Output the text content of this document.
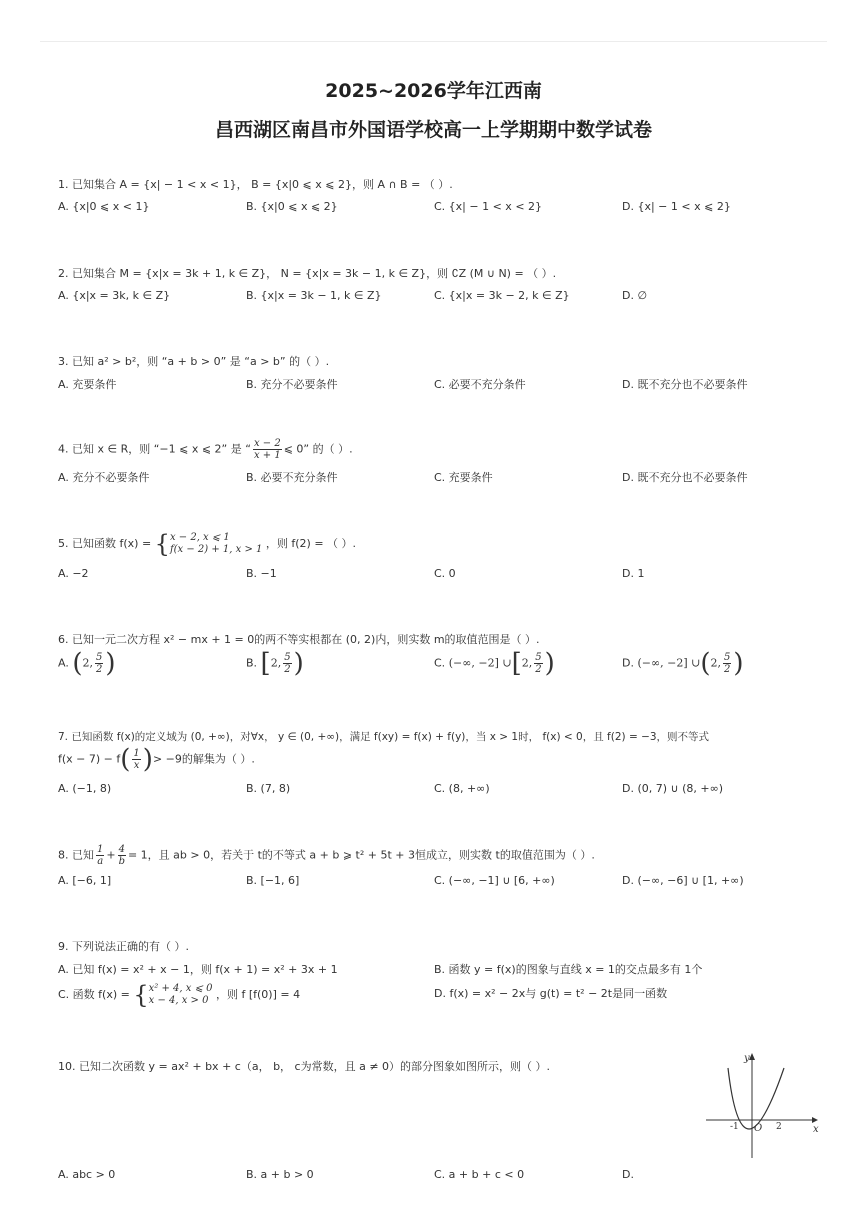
2025~2026学年江西南
昌西湖区南昌市外国语学校高一上学期期中数学试卷
1. 已知集合 A = {x| − 1 < x < 1}， B = {x|0 ⩽ x ⩽ 2}，则 A ∩ B = （ ）.
A. {x|0 ⩽ x < 1}	B. {x|0 ⩽ x ⩽ 2}	C. {x| − 1 < x < 2}	D. {x| − 1 < x ⩽ 2}
2. 已知集合 M = {x|x = 3k + 1, k ∈ Z}， N = {x|x = 3k − 1, k ∈ Z}，则 ∁Z (M ∪ N) = （ ）.
A. {x|x = 3k, k ∈ Z}	B. {x|x = 3k − 1, k ∈ Z}	C. {x|x = 3k − 2, k ∈ Z}	D. ∅
3. 已知 a² > b²，则 “a + b > 0” 是 “a > b” 的（ ）.
A. 充要条件	B. 充分不必要条件	C. 必要不充分条件	D. 既不充分也不必要条件
4. 已知 x ∈ R，则 “−1 ⩽ x ⩽ 2” 是 “ $\frac{x - 2}{x + 1}$ ⩽ 0” 的（ ）.
A. 充分不必要条件	B. 必要不充分条件	C. 充要条件	D. 既不充分也不必要条件
5. 已知函数 f(x) = { x − 2, x ⩽ 1
f(x − 2) + 1, x > 1 ，则 f(2) = （ ）.
A. −2	B. −1	C. 0	D. 1
6. 已知一元二次方程 x² − mx + 1 = 0的两不等实根都在 (0, 2)内，则实数 m的取值范围是（ ）.
A. (2, $\frac{5}{2}$ )	B. [2, $\frac{5}{2}$ )	C. (−∞, −2] ∪[2, $\frac{5}{2}$ )	D. (−∞, −2] ∪(2, $\frac{5}{2}$ )
7. 已知函数 f(x)的定义域为 (0, +∞)，对∀x， y ∈ (0, +∞)，满足 f(xy) = f(x) + f(y)，当 x > 1时， f(x) < 0，且 f(2) = −3，则不等式
$f(x - 7) - f( \frac{1}{x}$ )> −9的解集为（ ）.
A. (−1, 8)	B. (7, 8)	C. (8, +∞)	D. (0, 7) ∪ (8, +∞)
8. 已知 $\frac{1}{a} + \frac{4}{b} = 1$，且 ab > 0，若关于 t的不等式 a + b ⩾ t² + 5t + 3恒成立，则实数 t的取值范围为（ ）.
A. [−6, 1]	B. [−1, 6]	C. (−∞, −1] ∪ [6, +∞)	D. (−∞, −6] ∪ [1, +∞)
9. 下列说法正确的有（ ）.
A. 已知 f(x) = x² + x − 1，则 f(x + 1) = x² + 3x + 1	B. 函数 y = f(x)的图象与直线 x = 1的交点最多有 1个
C. 函数 f(x) = { x² + 4, x ⩽ 0
x − 4, x > 0 ，则 f [f(0)] = 4	D. f(x) = x² − 2x与 g(t) = t² − 2t是同一函数
10. 已知二次函数 y = ax² + bx + c（a， b， c为常数，且 a ≠ 0）的部分图象如图所示，则（ ）.
y
x
O
-1	2
A. abc > 0	B. a + b > 0	C. a + b + c < 0	D.
